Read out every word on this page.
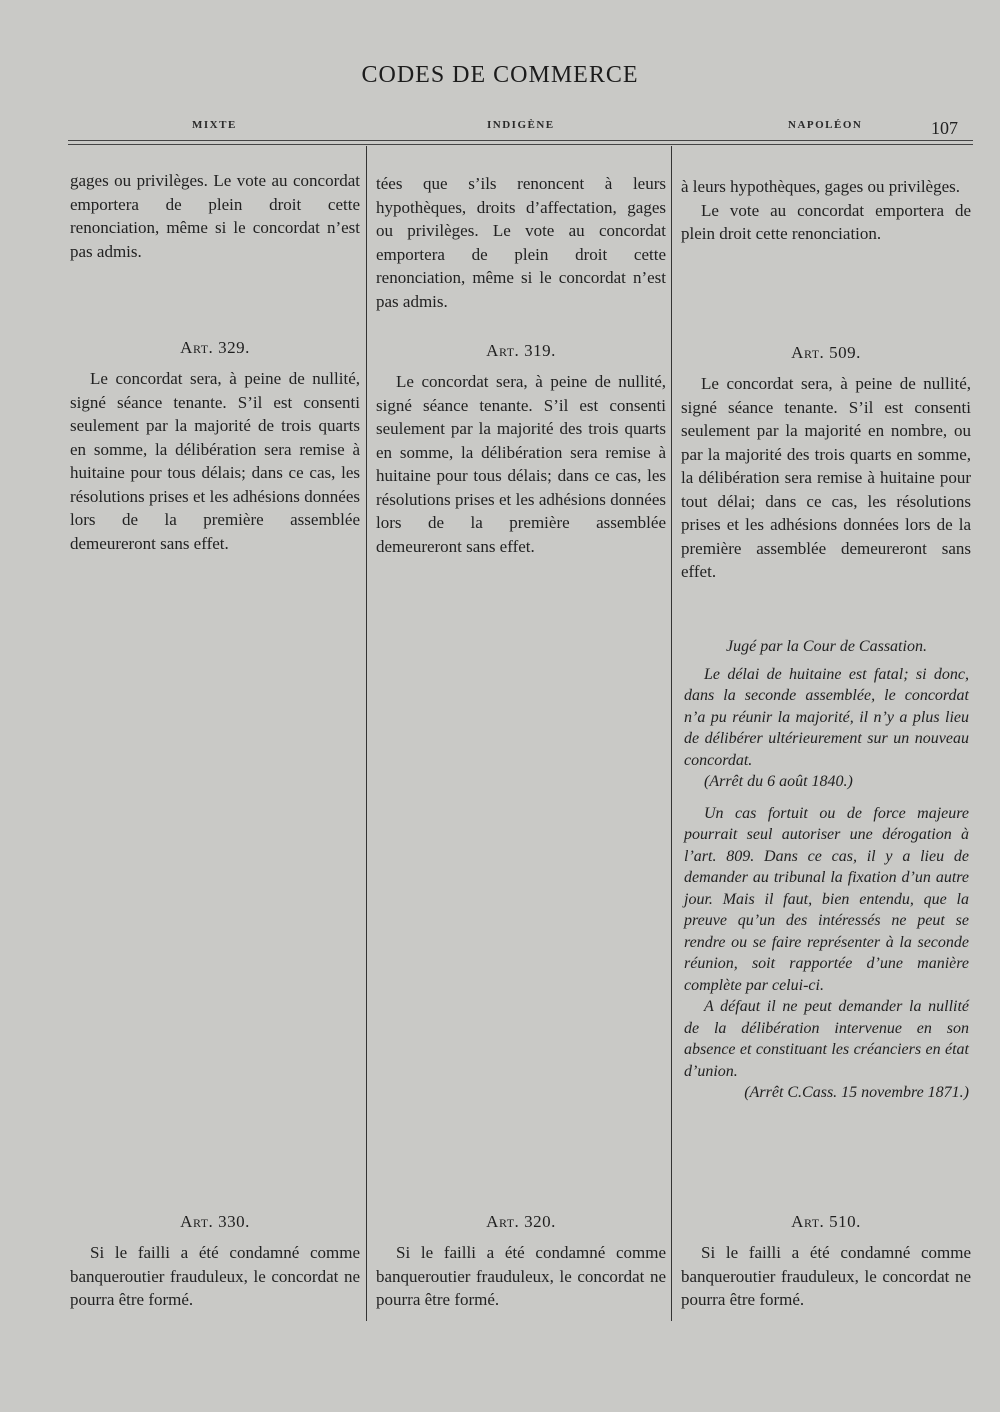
CODES DE COMMERCE
MIXTE	INDIGÈNE	NAPOLÉON	107

gages ou privilèges. Le vote au concordat emportera de plein droit cette renonciation, même si le concordat n’est pas admis.

Art. 329.

Le concordat sera, à peine de nullité, signé séance tenante. S’il est consenti seulement par la majorité de trois quarts en somme, la délibération sera remise à huitaine pour tous délais; dans ce cas, les résolutions prises et les adhésions données lors de la première assemblée demeureront sans effet.

Art. 330.

Si le failli a été condamné comme banqueroutier frauduleux, le concordat ne pourra être formé.

tées que s’ils renoncent à leurs hypothèques, droits d’affectation, gages ou privilèges. Le vote au concordat emportera de plein droit cette renonciation, même si le concordat n’est pas admis.

Art. 319.

Le concordat sera, à peine de nullité, signé séance tenante. S’il est consenti seulement par la majorité des trois quarts en somme, la délibération sera remise à huitaine pour tous délais; dans ce cas, les résolutions prises et les adhésions données lors de la première assemblée demeureront sans effet.

Art. 320.

Si le failli a été condamné comme banqueroutier frauduleux, le concordat ne pourra être formé.

à leurs hypothèques, gages ou privilèges.

Le vote au concordat emportera de plein droit cette renonciation.

Art. 509.

Le concordat sera, à peine de nullité, signé séance tenante. S’il est consenti seulement par la majorité en nombre, ou par la majorité des trois quarts en somme, la délibération sera remise à huitaine pour tout délai; dans ce cas, les résolutions prises et les adhésions données lors de la première assemblée demeureront sans effet.

Jugé par la Cour de Cassation.

Le délai de huitaine est fatal; si donc, dans la seconde assemblée, le concordat n’a pu réunir la majorité, il n’y a plus lieu de délibérer ultérieurement sur un nouveau concordat.

(Arrêt du 6 août 1840.)

Un cas fortuit ou de force majeure pourrait seul autoriser une dérogation à l’art. 809. Dans ce cas, il y a lieu de demander au tribunal la fixation d’un autre jour. Mais il faut, bien entendu, que la preuve qu’un des intéressés ne peut se rendre ou se faire représenter à la seconde réunion, soit rapportée d’une manière complète par celui-ci.

A défaut il ne peut demander la nullité de la délibération intervenue en son absence et constituant les créanciers en état d’union.

(Arrêt C.Cass. 15 novembre 1871.)

Art. 510.

Si le failli a été condamné comme banqueroutier frauduleux, le concordat ne pourra être formé.
